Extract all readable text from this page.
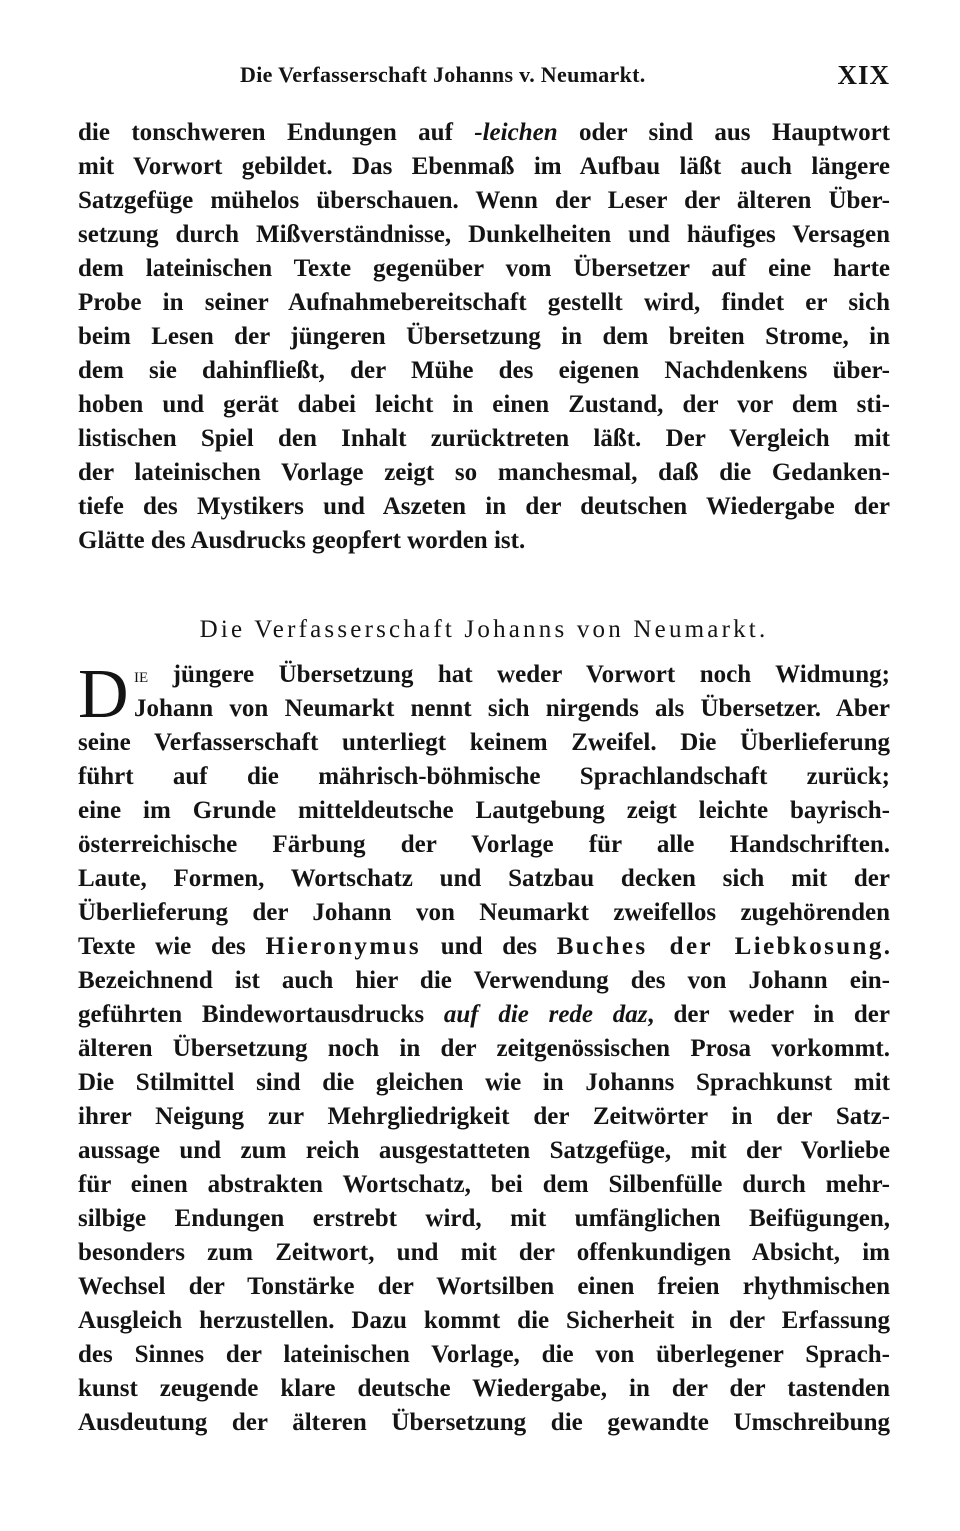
Die Verfasserschaft Johanns v. Neumarkt.	XIX
die tonschweren Endungen auf -leichen oder sind aus Hauptwort
mit Vorwort gebildet. Das Ebenmaß im Aufbau läßt auch längere
Satzgefüge mühelos überschauen. Wenn der Leser der älteren Über-
setzung durch Mißverständnisse, Dunkelheiten und häufiges Versagen
dem lateinischen Texte gegenüber vom Übersetzer auf eine harte
Probe in seiner Aufnahmebereitschaft gestellt wird, findet er sich
beim Lesen der jüngeren Übersetzung in dem breiten Strome, in
dem sie dahinfließt, der Mühe des eigenen Nachdenkens über-
hoben und gerät dabei leicht in einen Zustand, der vor dem sti-
listischen Spiel den Inhalt zurücktreten läßt. Der Vergleich mit
der lateinischen Vorlage zeigt so manchesmal, daß die Gedanken-
tiefe des Mystikers und Aszeten in der deutschen Wiedergabe der
Glätte des Ausdrucks geopfert worden ist.
Die Verfasserschaft Johanns von Neumarkt.
D ie jüngere Übersetzung hat weder Vorwort noch Widmung;
Johann von Neumarkt nennt sich nirgends als Übersetzer. Aber
seine Verfasserschaft unterliegt keinem Zweifel. Die Überlieferung
führt auf die mährisch-böhmische Sprachlandschaft zurück;
eine im Grunde mitteldeutsche Lautgebung zeigt leichte bayrisch-
österreichische Färbung der Vorlage für alle Handschriften.
Laute, Formen, Wortschatz und Satzbau decken sich mit der
Überlieferung der Johann von Neumarkt zweifellos zugehörenden
Texte wie des Hieronymus und des Buches der Liebkosung.
Bezeichnend ist auch hier die Verwendung des von Johann ein-
geführten Bindewortausdrucks auf die rede daz, der weder in der
älteren Übersetzung noch in der zeitgenössischen Prosa vorkommt.
Die Stilmittel sind die gleichen wie in Johanns Sprachkunst mit
ihrer Neigung zur Mehrgliedrigkeit der Zeitwörter in der Satz-
aussage und zum reich ausgestatteten Satzgefüge, mit der Vorliebe
für einen abstrakten Wortschatz, bei dem Silbenfülle durch mehr-
silbige Endungen erstrebt wird, mit umfänglichen Beifügungen,
besonders zum Zeitwort, und mit der offenkundigen Absicht, im
Wechsel der Tonstärke der Wortsilben einen freien rhythmischen
Ausgleich herzustellen. Dazu kommt die Sicherheit in der Erfassung
des Sinnes der lateinischen Vorlage, die von überlegener Sprach-
kunst zeugende klare deutsche Wiedergabe, in der der tastenden
Ausdeutung der älteren Übersetzung die gewandte Umschreibung
